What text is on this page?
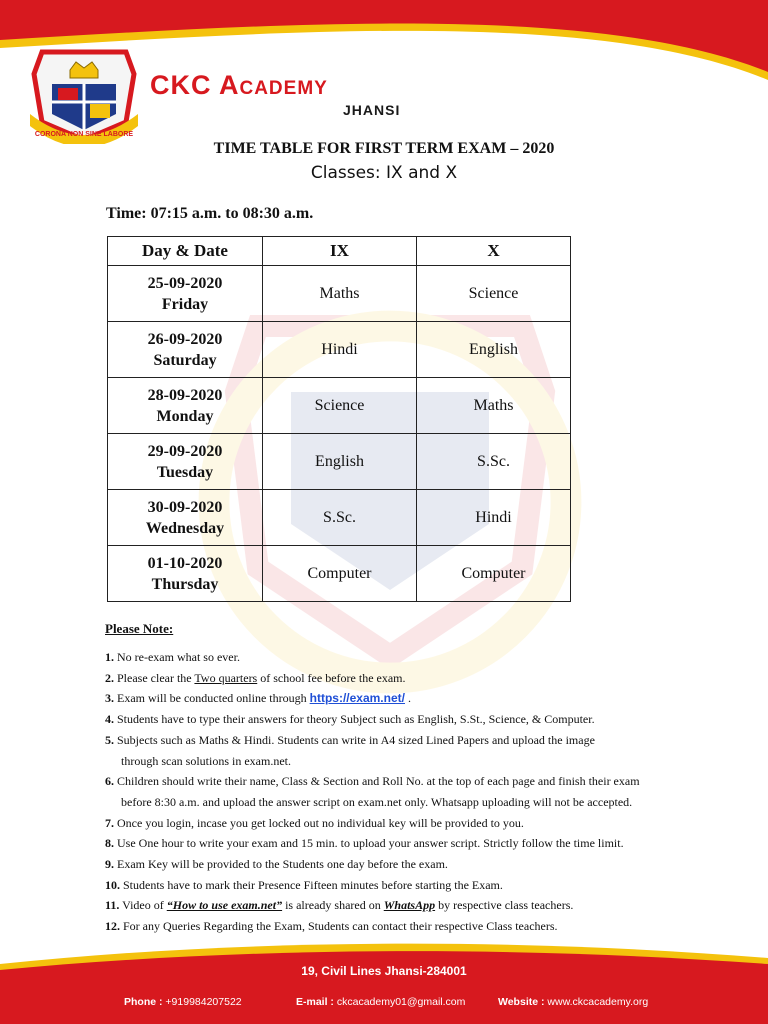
CORONA NON SINE LABORE
CKC Academy
JHANSI
TIME TABLE FOR FIRST TERM EXAM – 2020
Classes: IX and X
Time: 07:15 a.m. to 08:30 a.m.
Day & Date	IX	X
25-09-2020
Friday	Maths	Science
26-09-2020
Saturday	Hindi	English
28-09-2020
Monday	Science	Maths
29-09-2020
Tuesday	English	S.Sc.
30-09-2020
Wednesday	S.Sc.	Hindi
01-10-2020
Thursday	Computer	Computer
Please Note:
1. No re-exam what so ever.
2. Please clear the Two quarters of school fee before the exam.
3. Exam will be conducted online through https://exam.net/ .
4. Students have to type their answers for theory Subject such as English, S.St., Science, & Computer.
5. Subjects such as Maths & Hindi. Students can write in A4 sized Lined Papers and upload the image
through scan solutions in exam.net.
6. Children should write their name, Class & Section and Roll No. at the top of each page and finish their exam
before 8:30 a.m. and upload the answer script on exam.net only. Whatsapp uploading will not be accepted.
7. Once you login, incase you get locked out no individual key will be provided to you.
8. Use One hour to write your exam and 15 min. to upload your answer script. Strictly follow the time limit.
9. Exam Key will be provided to the Students one day before the exam.
10. Students have to mark their Presence Fifteen minutes before starting the Exam.
11. Video of “How to use exam.net” is already shared on WhatsApp by respective class teachers.
12. For any Queries Regarding the Exam, Students can contact their respective Class teachers.
19, Civil Lines Jhansi-284001
Phone : +919984207522	E-mail : ckcacademy01@gmail.com	Website : www.ckcacademy.org
